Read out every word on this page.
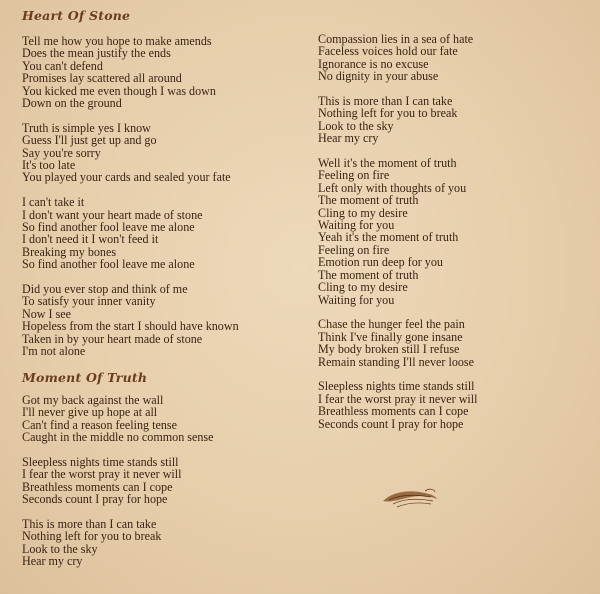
Heart Of Stone
Tell me how you hope to make amends
Does the mean justify the ends
You can't defend
Promises lay scattered all around
You kicked me even though I was down
Down on the ground
Truth is simple yes I know
Guess I'll just get up and go
Say you're sorry
It's too late
You played your cards and sealed your fate
I can't take it
I don't want your heart made of stone
So find another fool leave me alone
I don't need it I won't feed it
Breaking my bones
So find another fool leave me alone
Did you ever stop and think of me
To satisfy your inner vanity
Now I see
Hopeless from the start I should have known
Taken in by your heart made of stone
I'm not alone
Moment Of Truth
Got my back against the wall
I'll never give up hope at all
Can't find a reason feeling tense
Caught in the middle no common sense
Sleepless nights time stands still
I fear the worst pray it never will
Breathless moments can I cope
Seconds count I pray for hope
This is more than I can take
Nothing left for you to break
Look to the sky
Hear my cry
Compassion lies in a sea of hate
Faceless voices hold our fate
Ignorance is no excuse
No dignity in your abuse
This is more than I can take
Nothing left for you to break
Look to the sky
Hear my cry
Well it's the moment of truth
Feeling on fire
Left only with thoughts of you
The moment of truth
Cling to my desire
Waiting for you
Yeah it's the moment of truth
Feeling on fire
Emotion run deep for you
The moment of truth
Cling to my desire
Waiting for you
Chase the hunger feel the pain
Think I've finally gone insane
My body broken still I refuse
Remain standing I'll never loose
Sleepless nights time stands still
I fear the worst pray it never will
Breathless moments can I cope
Seconds count I pray for hope
